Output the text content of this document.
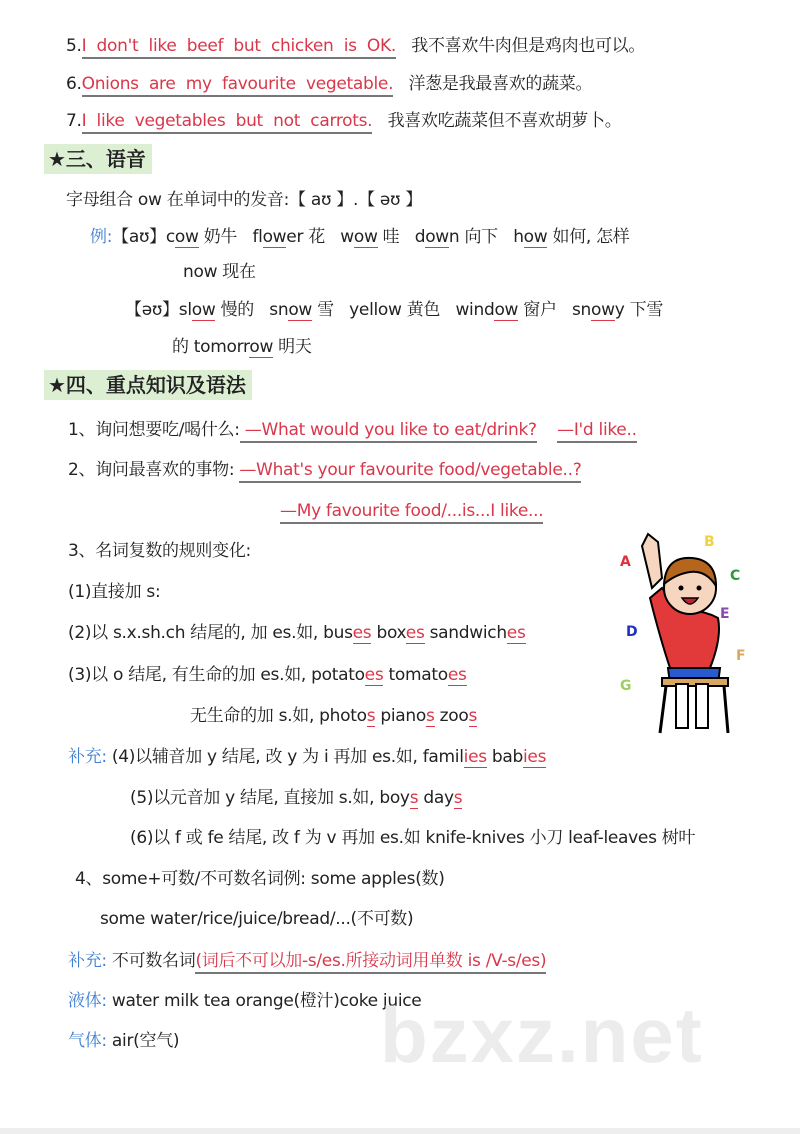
★三、语音
★四、重点知识及语法
5.I  don't  like  beef  but  chicken  is  OK.   我不喜欢牛肉但是鸡肉也可以。
6.Onions  are  my  favourite  vegetable.   洋葱是我最喜欢的蔬菜。
7.I  like  vegetables  but  not  carrots.   我喜欢吃蔬菜但不喜欢胡萝卜。
字母组合 ow 在单词中的发音:【 aʊ 】.【 əʊ 】
例:【aʊ】cow 奶牛   flower 花   wow 哇   down 向下   how 如何, 怎样
now 现在
【əʊ】slow 慢的   snow 雪   yellow 黄色   window 窗户   snowy 下雪
的 tomorrow 明天
1、询问想要吃/喝什么: —What would you like to eat/drink? —I'd like..
2、询问最喜欢的事物: —What's your favourite food/vegetable..?
—My favourite food/...is...I like...
3、名词复数的规则变化:
(1)直接加 s:
(2)以 s.x.sh.ch 结尾的, 加 es.如, buses boxes sandwiches
(3)以 o 结尾, 有生命的加 es.如, potatoes tomatoes
无生命的加 s.如, photos pianos zoos
补充: (4)以辅音加 y 结尾, 改 y 为 i 再加 es.如, families babies
(5)以元音加 y 结尾, 直接加 s.如, boys days
(6)以 f 或 fe 结尾, 改 f 为 v 再加 es.如 knife-knives 小刀 leaf-leaves 树叶
4、some+可数/不可数名词例: some apples(数)
some water/rice/juice/bread/...(不可数)
补充: 不可数名词(词后不可以加-s/es.所接动词用单数 is /V-s/es)
液体: water milk tea orange(橙汁)coke juice
气体: air(空气)
A
B
C
D
E
F
G
bzxz.net
